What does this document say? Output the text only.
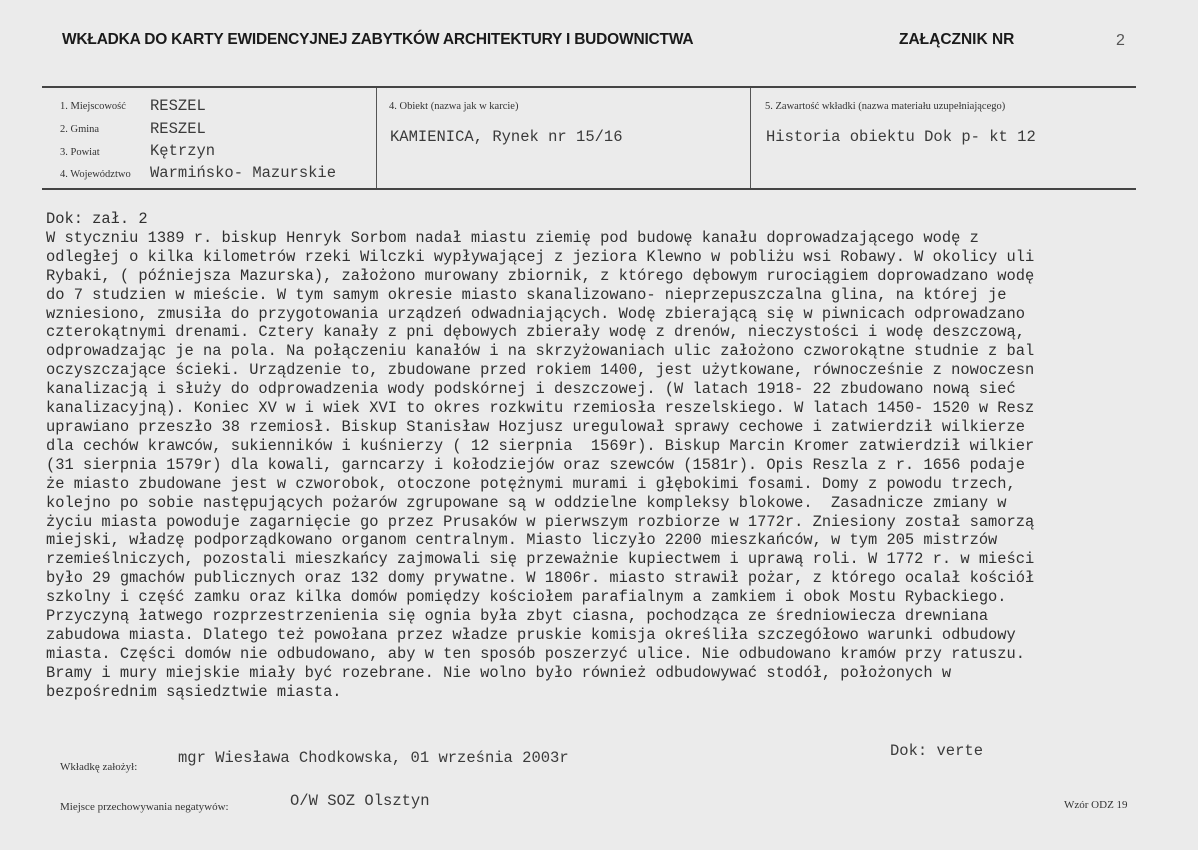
WKŁADKA DO KARTY EWIDENCYJNEJ ZABYTKÓW ARCHITEKTURY I BUDOWNICTWA	ZAŁĄCZNIK NR	2
1. Miejscowość RESZEL
2. Gmina	RESZEL
3. Powiat	Kętrzyn
4. Województwo Warmińsko- Mazurskie
4. Obiekt (nazwa jak w karcie)
KAMIENICA, Rynek nr 15/16
5. Zawartość wkładki (nazwa materiału uzupełniającego)
Historia obiektu Dok p- kt 12
Dok: zał. 2
W styczniu 1389 r. biskup Henryk Sorbom nadał miastu ziemię pod budowę kanału doprowadzającego wodę z
odległej o kilka kilometrów rzeki Wilczki wypływającej z jeziora Klewno w pobliżu wsi Robawy. W okolicy uli
Rybaki, ( późniejsza Mazurska), założono murowany zbiornik, z którego dębowym rurociągiem doprowadzano wodę
do 7 studzien w mieście. W tym samym okresie miasto skanalizowano- nieprzepuszczalna glina, na której je
wzniesiono, zmusiła do przygotowania urządzeń odwadniających. Wodę zbierającą się w piwnicach odprowadzano
czterokątnymi drenami. Cztery kanały z pni dębowych zbierały wodę z drenów, nieczystości i wodę deszczową,
odprowadzając je na pola. Na połączeniu kanałów i na skrzyżowaniach ulic założono czworokątne studnie z bal
oczyszczające ścieki. Urządzenie to, zbudowane przed rokiem 1400, jest użytkowane, równocześnie z nowoczesn
kanalizacją i służy do odprowadzenia wody podskórnej i deszczowej. (W latach 1918- 22 zbudowano nową sieć
kanalizacyjną). Koniec XV w i wiek XVI to okres rozkwitu rzemiosła reszelskiego. W latach 1450- 1520 w Resz
uprawiano przeszło 38 rzemiosł. Biskup Stanisław Hozjusz uregulował sprawy cechowe i zatwierdził wilkierze
dla cechów krawców, sukienników i kuśnierzy ( 12 sierpnia  1569r). Biskup Marcin Kromer zatwierdził wilkier
(31 sierpnia 1579r) dla kowali, garncarzy i kołodziejów oraz szewców (1581r). Opis Reszla z r. 1656 podaje
że miasto zbudowane jest w czworobok, otoczone potężnymi murami i głębokimi fosami. Domy z powodu trzech,
kolejno po sobie następujących pożarów zgrupowane są w oddzielne kompleksy blokowe.  Zasadnicze zmiany w
życiu miasta powoduje zagarnięcie go przez Prusaków w pierwszym rozbiorze w 1772r. Zniesiony został samorzą
miejski, władzę podporządkowano organom centralnym. Miasto liczyło 2200 mieszkańców, w tym 205 mistrzów
rzemieślniczych, pozostali mieszkańcy zajmowali się przeważnie kupiectwem i uprawą roli. W 1772 r. w mieści
było 29 gmachów publicznych oraz 132 domy prywatne. W 1806r. miasto strawił pożar, z którego ocalał kościół
szkolny i część zamku oraz kilka domów pomiędzy kościołem parafialnym a zamkiem i obok Mostu Rybackiego.
Przyczyną łatwego rozprzestrzenienia się ognia była zbyt ciasna, pochodząca ze średniowiecza drewniana
zabudowa miasta. Dlatego też powołana przez władze pruskie komisja określiła szczegółowo warunki odbudowy
miasta. Części domów nie odbudowano, aby w ten sposób poszerzyć ulice. Nie odbudowano kramów przy ratuszu.
Bramy i mury miejskie miały być rozebrane. Nie wolno było również odbudowywać stodół, położonych w
bezpośrednim sąsiedztwie miasta.
Wkładkę założył:	mgr Wiesława Chodkowska, 01 września 2003r	Dok: verte
Miejsce przechowywania negatywów:	O/W SOZ Olsztyn	Wzór ODZ 19
